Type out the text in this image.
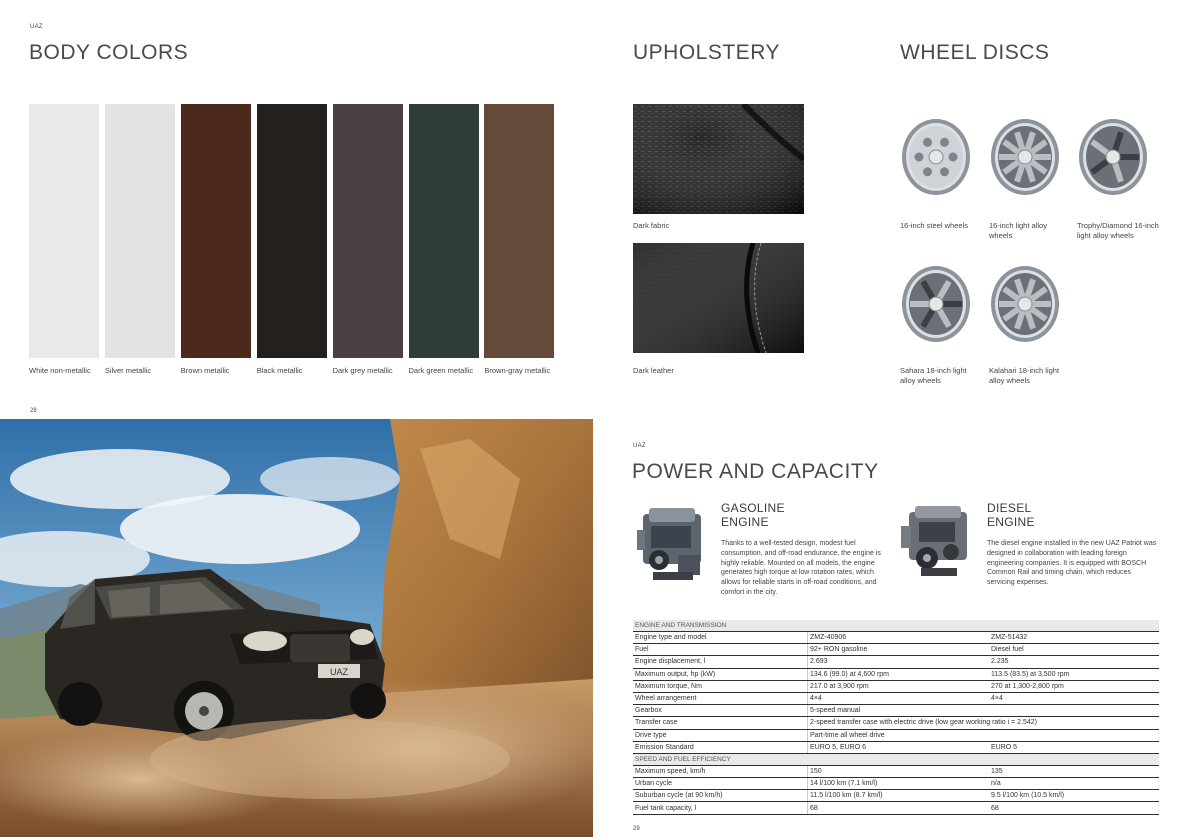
UAZ
BODY COLORS
White non-metallic	Silver metallic	Brown metallic	Black metallic	Dark grey metallic	Dark green metallic	Brown-gray metallic
UPHOLSTERY
Dark fabric
Dark leather
WHEEL DISCS
16-inch steel wheels	16-inch light alloy wheels
Trophy/Diamond 16-inch light alloy wheels
Sahara 18-inch light alloy wheels
Kalahari 18-inch light alloy wheels
28
29
UAZ
UAZ
POWER AND CAPACITY
GASOLINE
ENGINE
Thanks to a well-tested design, modest fuel consumption, and off-road endurance, the engine is highly reliable. Mounted on all models, the engine generates high torque at low rotation rates, which allows for reliable starts in off-road conditions, and comfort in the city.
DIESEL
ENGINE
The diesel engine installed in the new UAZ Patriot was designed in collaboration with leading foreign engineering companies. It is equipped with BOSCH Common Rail and timing chain, which reduces servicing expenses.
ENGINE AND TRANSMISSION		
Engine type and model	ZMZ-40906	ZMZ-51432
Fuel	92+ RON gasoline	Diesel fuel
Engine displacement, l	2.693	2.235
Maximum output, hp (kW)	134.6 (99.0) at 4,600 rpm	113.5 (83.5) at 3,500 rpm
Maximum torque, Nm	217.0 at 3,900 rpm	270 at 1,300-2,800 rpm
Wheel arrangement	4×4	4×4
Gearbox	5-speed manual	
Transfer case	2-speed transfer case with electric drive (low gear working ratio i = 2.542)	
Drive type	Part-time all wheel drive	
Emission Standard	EURO 5, EURO 6	EURO 5
SPEED AND FUEL EFFICIENCY		
Maximum speed, km/h	150	135
Urban cycle	14 l/100 km (7.1 km/l)	n/a
Suburban cycle (at 90 km/h)	11.5 l/100 km (8.7 km/l)	9.5 l/100 km (10.5 km/l)
Fuel tank capacity, l	68	68
